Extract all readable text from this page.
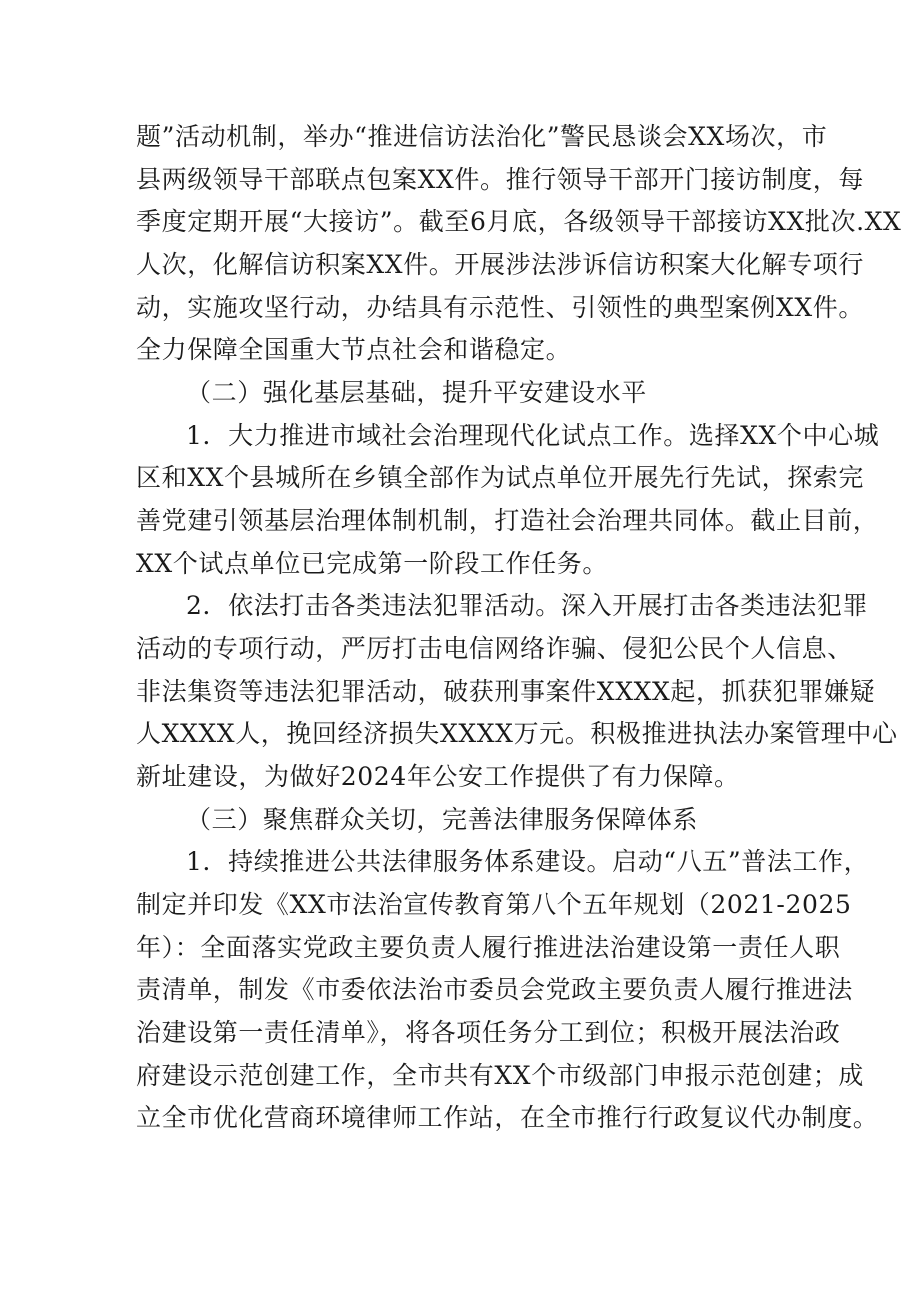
题”活动机制，举办“推进信访法治化”警民恳谈会XX场次，市
县两级领导干部联点包案XX件。推行领导干部开门接访制度，每
季度定期开展“大接访”。截至6月底，各级领导干部接访XX批次.XX
人次，化解信访积案XX件。开展涉法涉诉信访积案大化解专项行
动，实施攻坚行动，办结具有示范性、引领性的典型案例XX件。
全力保障全国重大节点社会和谐稳定。
（二）强化基层基础，提升平安建设水平
1．大力推进市域社会治理现代化试点工作。选择XX个中心城
区和XX个县城所在乡镇全部作为试点单位开展先行先试，探索完
善党建引领基层治理体制机制，打造社会治理共同体。截止目前，
XX个试点单位已完成第一阶段工作任务。
2．依法打击各类违法犯罪活动。深入开展打击各类违法犯罪
活动的专项行动，严厉打击电信网络诈骗、侵犯公民个人信息、
非法集资等违法犯罪活动，破获刑事案件XXXX起，抓获犯罪嫌疑
人XXXX人，挽回经济损失XXXX万元。积极推进执法办案管理中心
新址建设，为做好2024年公安工作提供了有力保障。
（三）聚焦群众关切，完善法律服务保障体系
1．持续推进公共法律服务体系建设。启动“八五”普法工作，
制定并印发《XX市法治宣传教育第八个五年规划（2021-2025
年）：全面落实党政主要负责人履行推进法治建设第一责任人职
责清单，制发《市委依法治市委员会党政主要负责人履行推进法
治建设第一责任清单》，将各项任务分工到位；积极开展法治政
府建设示范创建工作，全市共有XX个市级部门申报示范创建；成
立全市优化营商环境律师工作站，在全市推行行政复议代办制度。
